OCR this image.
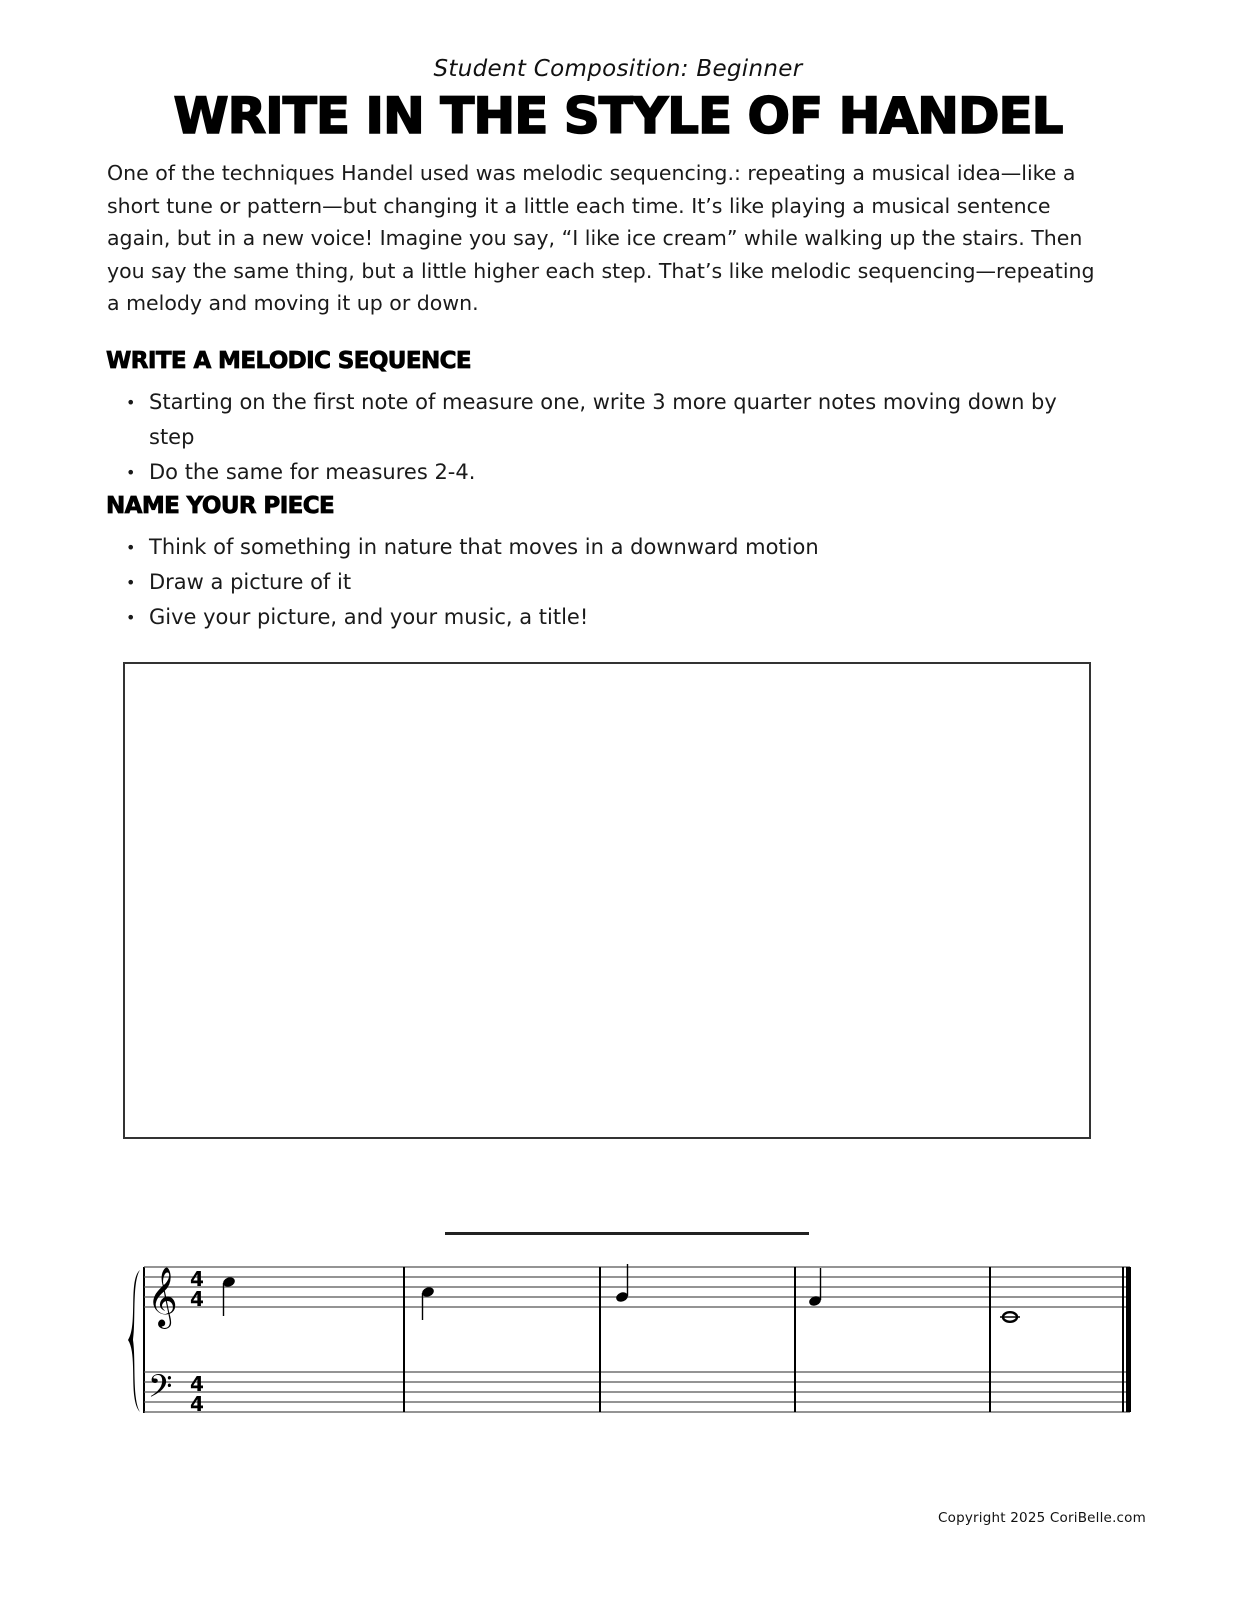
Student Composition: Beginner
WRITE IN THE STYLE OF HANDEL
One of the techniques Handel used was melodic sequencing.: repeating a musical idea—like a short tune or pattern—but changing it a little each time. It’s like playing a musical sentence again, but in a new voice! Imagine you say, “I like ice cream” while walking up the stairs. Then you say the same thing, but a little higher each step. That’s like melodic sequencing—repeating a melody and moving it up or down.
WRITE A MELODIC SEQUENCE
• Starting on the first note of measure one, write 3 more quarter notes moving down by step
• Do the same for measures 2-4.
NAME YOUR PIECE
• Think of something in nature that moves in a downward motion
• Draw a picture of it
• Give your picture, and your music, a title!
𝄞
𝄢
4
4
4
4
Copyright 2025 CoriBelle.com
